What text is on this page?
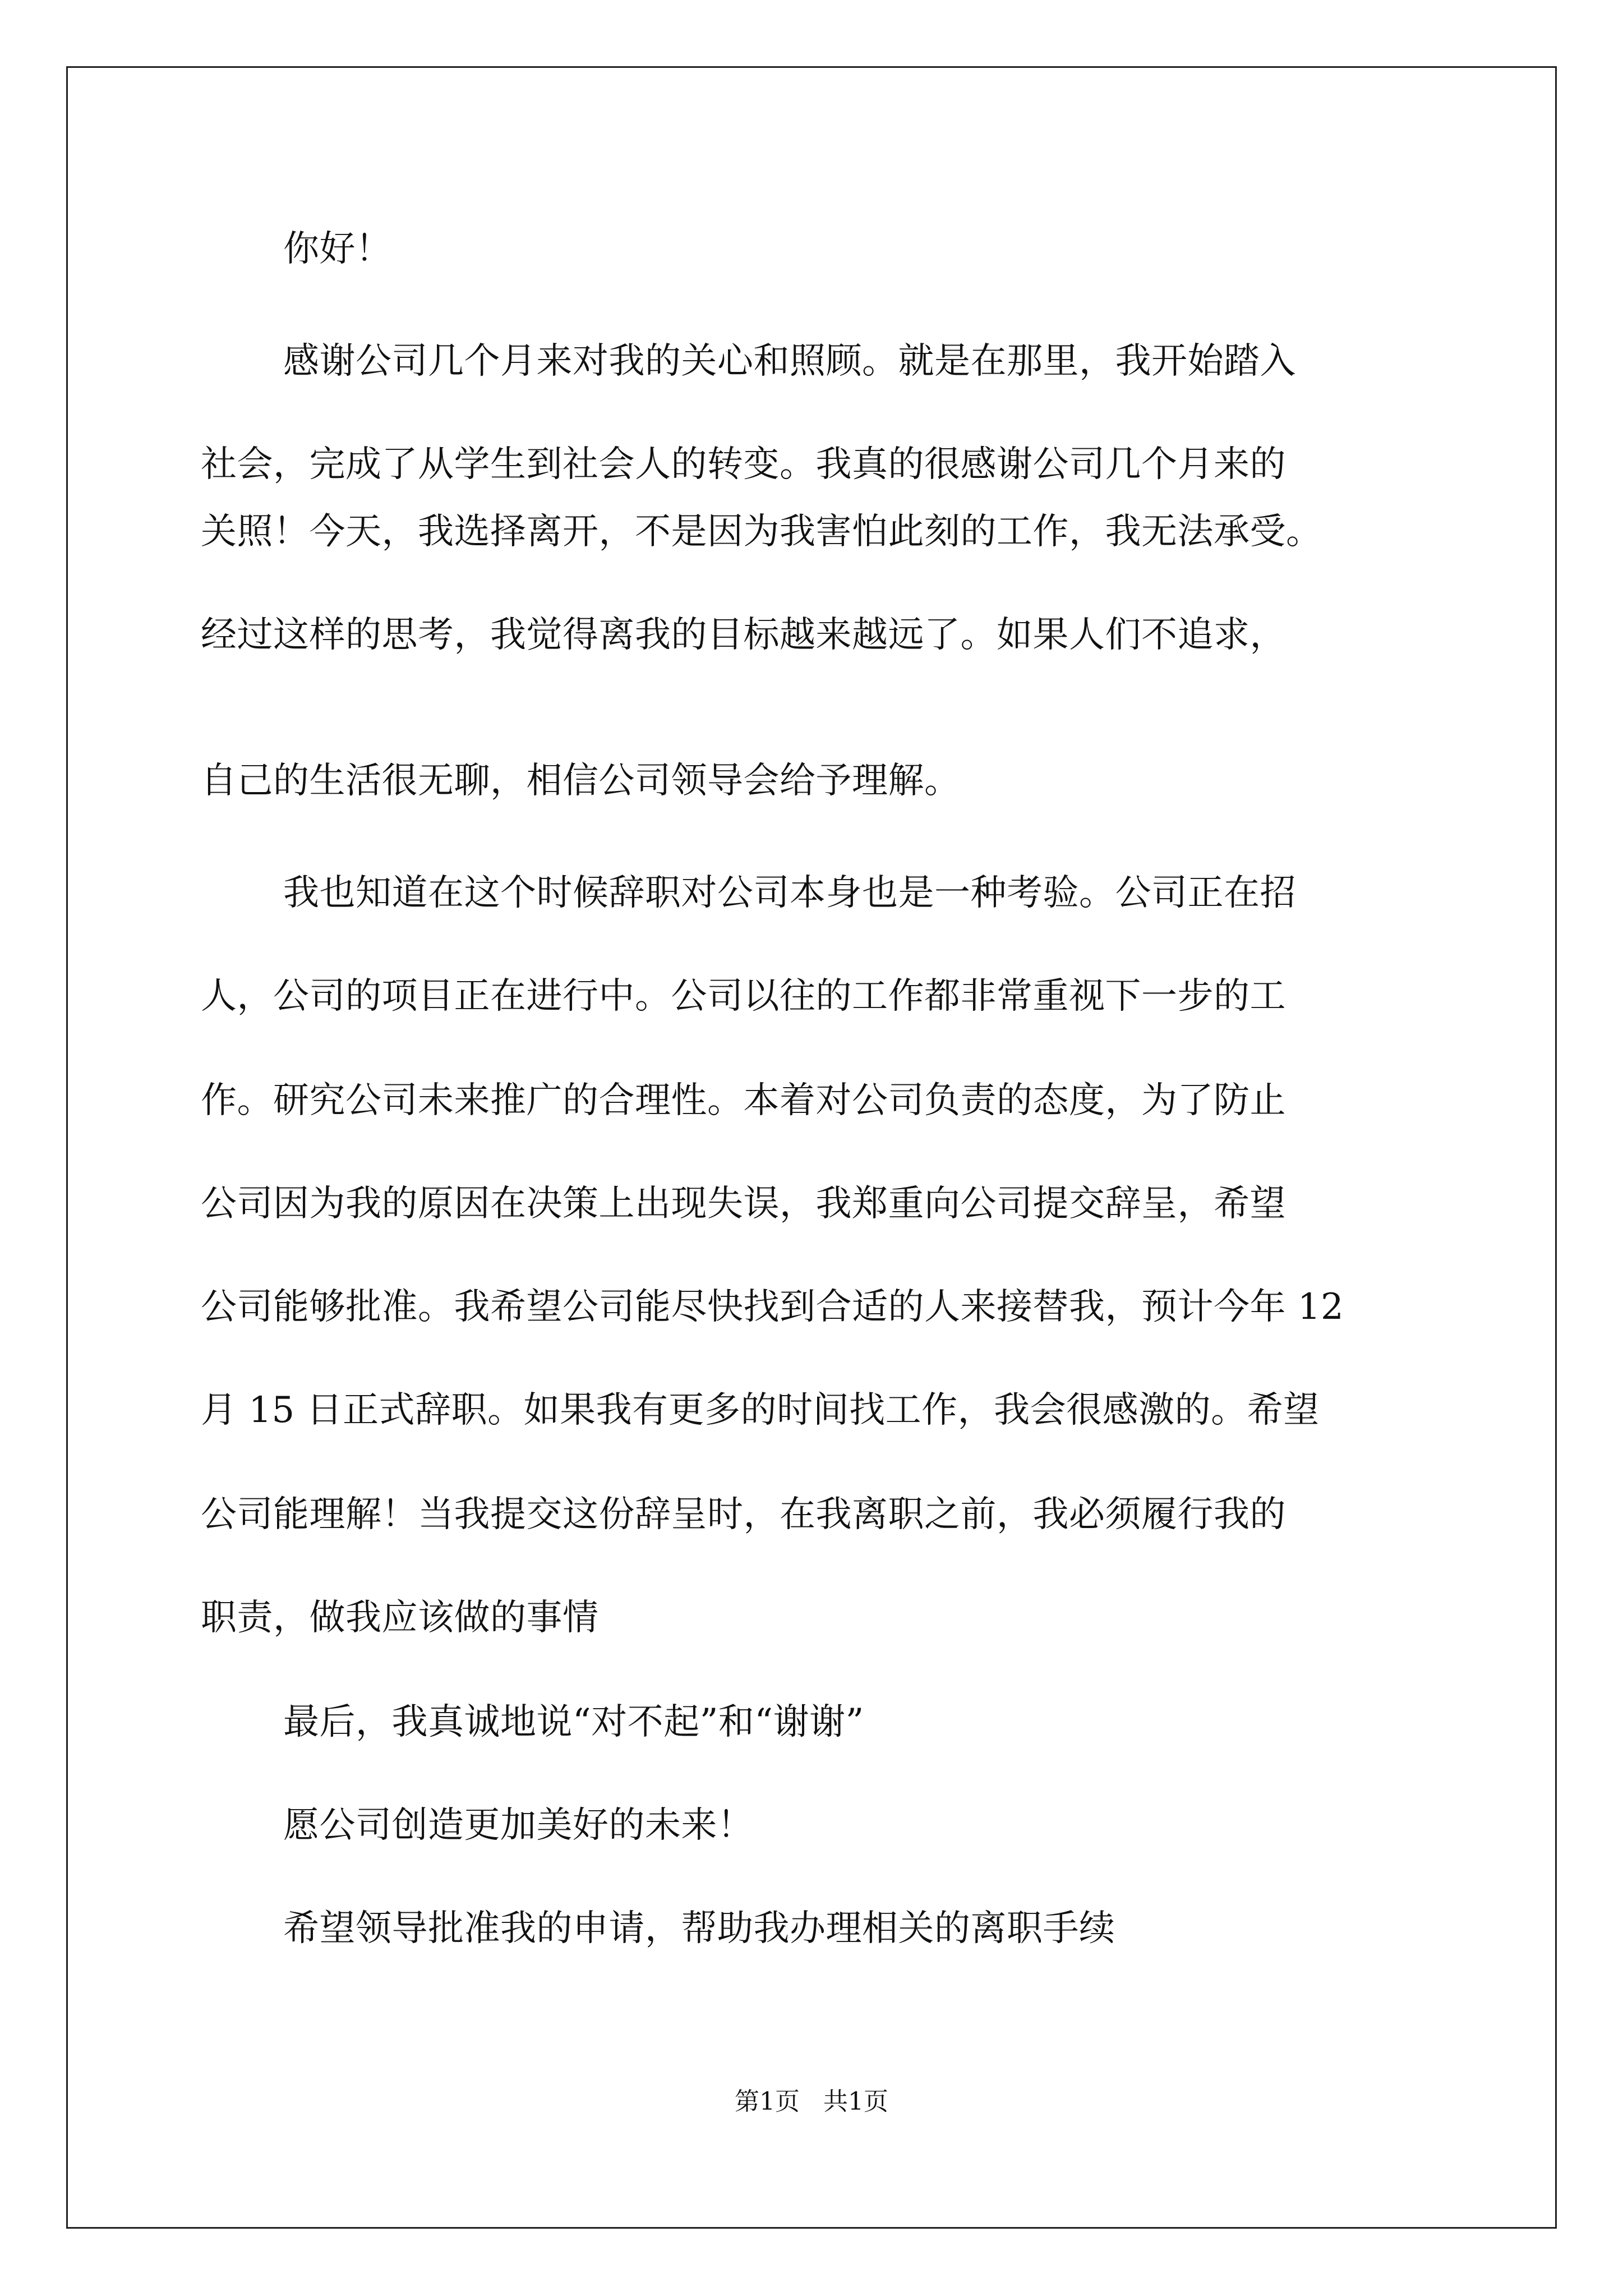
你好！
感谢公司几个月来对我的关心和照顾。就是在那里，我开始踏入
社会，完成了从学生到社会人的转变。我真的很感谢公司几个月来的
关照！今天，我选择离开，不是因为我害怕此刻的工作，我无法承受。
经过这样的思考，我觉得离我的目标越来越远了。如果人们不追求，
自己的生活很无聊，相信公司领导会给予理解。
我也知道在这个时候辞职对公司本身也是一种考验。公司正在招
人，公司的项目正在进行中。公司以往的工作都非常重视下一步的工
作。研究公司未来推广的合理性。本着对公司负责的态度，为了防止
公司因为我的原因在决策上出现失误，我郑重向公司提交辞呈，希望
公司能够批准。我希望公司能尽快找到合适的人来接替我，预计今年 12
月 15 日正式辞职。如果我有更多的时间找工作，我会很感激的。希望
公司能理解！当我提交这份辞呈时，在我离职之前，我必须履行我的
职责，做我应该做的事情
最后，我真诚地说“对不起”和“谢谢”
愿公司创造更加美好的未来！
希望领导批准我的申请，帮助我办理相关的离职手续
第1页   共1页
